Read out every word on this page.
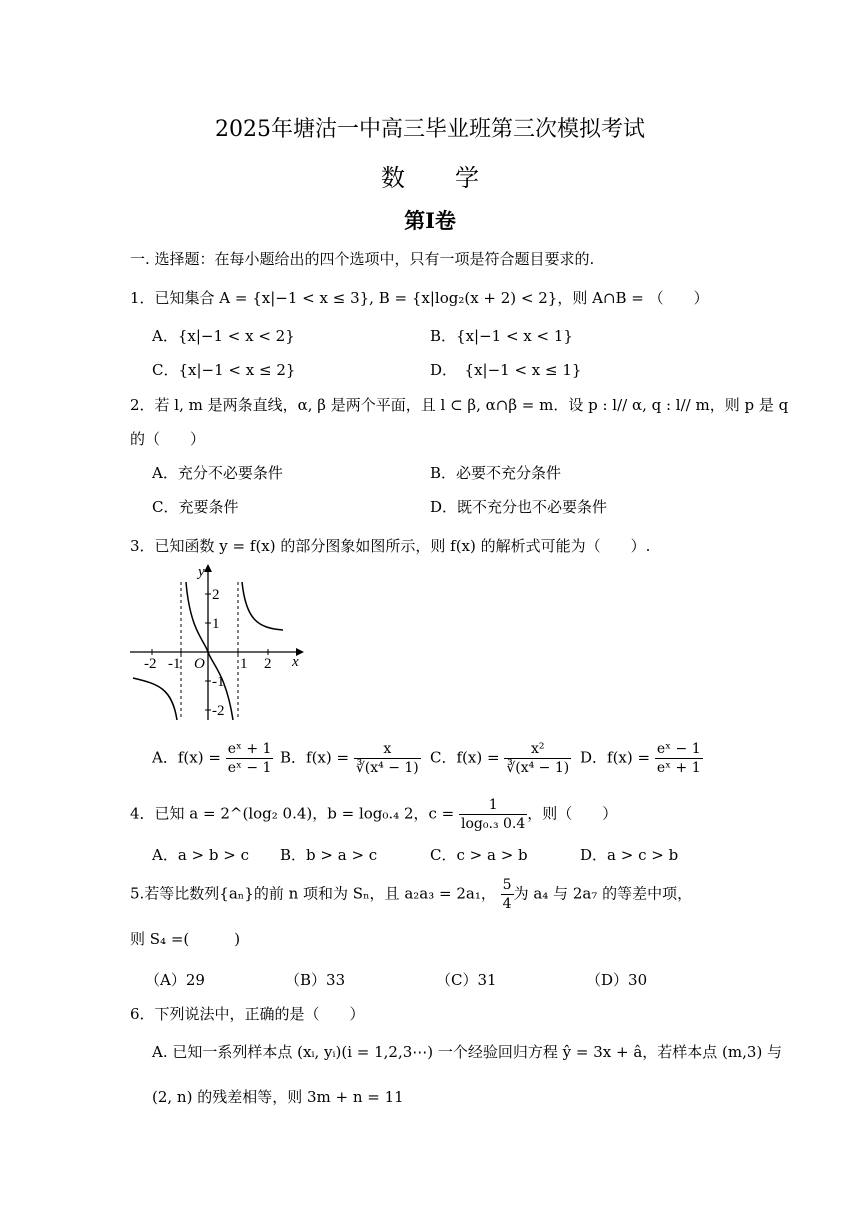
2025年塘沽一中高三毕业班第三次模拟考试
数学
第I卷
一. 选择题：在每小题给出的四个选项中，只有一项是符合题目要求的.
1．已知集合 A = {x|−1 < x ≤ 3}, B = {x|log₂(x + 2) < 2}，则 A∩B = （　　）
A．{x|−1 < x < 2}	B．{x|−1 < x < 1}
C．{x|−1 < x ≤ 2}	D．　{x|−1 < x ≤ 1}
2．若 l, m 是两条直线，α, β 是两个平面，且 l ⊂ β, α∩β = m．设 p : l// α, q : l// m，则 p 是 q
的（　　）
A．充分不必要条件	B．必要不充分条件
C．充要条件	D．既不充分也不必要条件
3．已知函数 y = f(x) 的部分图象如图所示，则 f(x) 的解析式可能为（　　）.
y
x
O
-2 -1	1 2
2
1
-1
-2
A．$f(x) = \frac{\text{eˣ + 1}}{\text{eˣ − 1}}$ B．$f(x) = \frac{x}{\text{∛(x⁴ − 1)}}$ C．$f(x) = \frac{\text{x²}}{\text{∛(x⁴ − 1)}}$ D．$f(x) = \frac{\text{eˣ − 1}}{\text{eˣ + 1}}$
4．已知 a = 2^(log₂ 0.4)，b = log₀.₄ 2，$c = \frac{1}{\text{log₀.₃ 0.4}}$ ，则（　　）
A．a > b > c B．b > a > c	C．c > a > b	D．a > c > b
5.若等比数列{aₙ}的前 n 项和为 Sₙ，且 a₂a₃ = 2a₁， $\frac{5}{4}$ 为 a₄ 与 2a₇ 的等差中项，
则 S₄ =(　　　)
（A）29	（B）33	（C）31	（D）30
6．下列说法中，正确的是（　　）
A. 已知一系列样本点 (xᵢ, yᵢ)(i = 1,2,3⋯) 一个经验回归方程 ŷ = 3x + â，若样本点 (m,3) 与
(2, n) 的残差相等，则 3m + n = 11
